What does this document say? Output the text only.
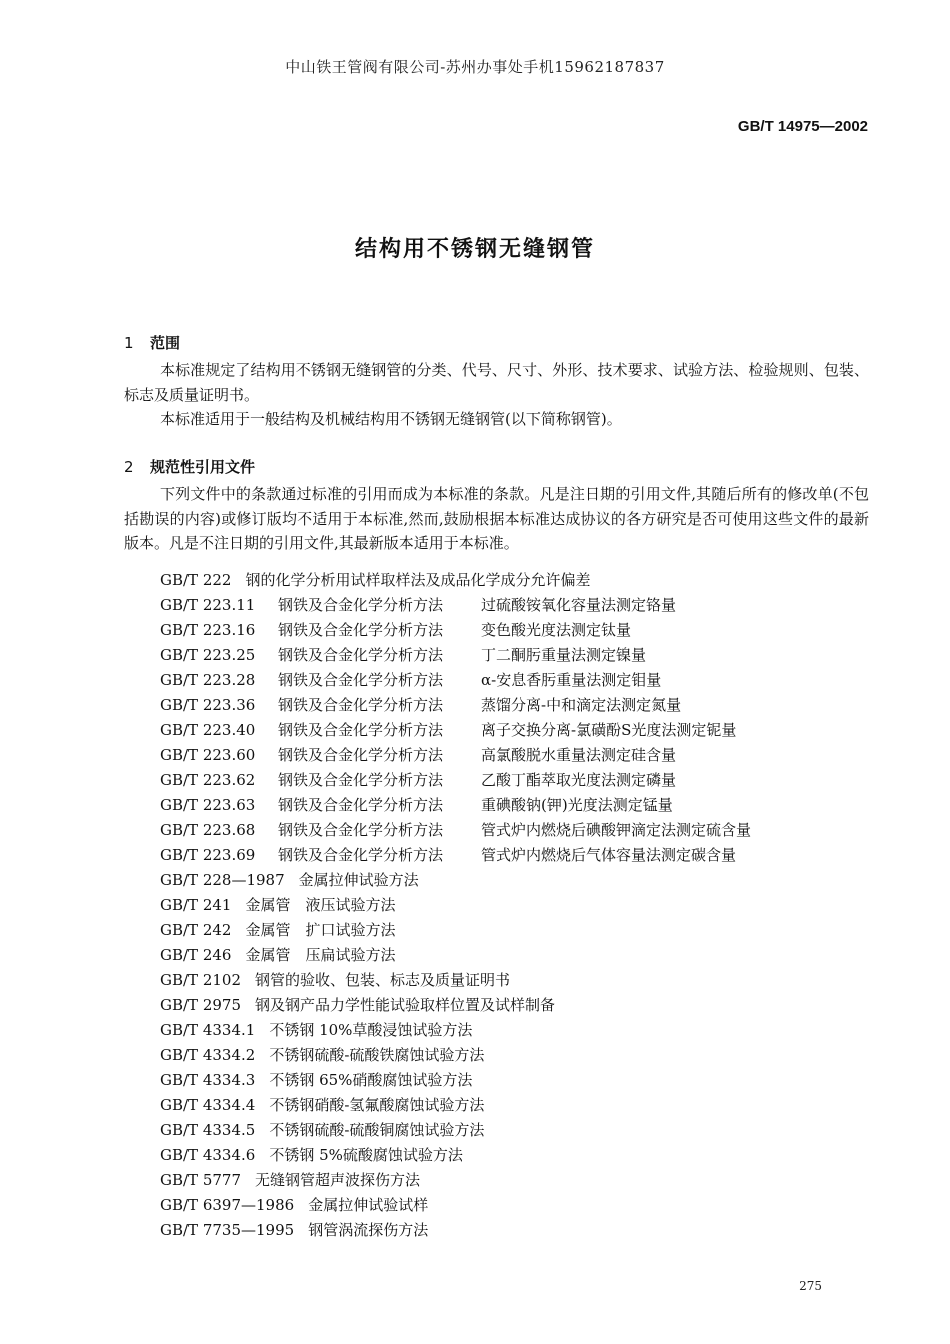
中山铁王管阀有限公司-苏州办事处手机15962187837
GB/T 14975—2002
结构用不锈钢无缝钢管
1 范围

本标准规定了结构用不锈钢无缝钢管的分类、代号、尺寸、外形、技术要求、试验方法、检验规则、包装、标志及质量证明书。

本标准适用于一般结构及机械结构用不锈钢无缝钢管(以下简称钢管)。

2 规范性引用文件

下列文件中的条款通过标准的引用而成为本标准的条款。凡是注日期的引用文件,其随后所有的修改单(不包括勘误的内容)或修订版均不适用于本标准,然而,鼓励根据本标准达成协议的各方研究是否可使用这些文件的最新版本。凡是不注日期的引用文件,其最新版本适用于本标准。

GB/T 222 钢的化学分析用试样取样法及成品化学成分允许偏差
GB/T 223.11 钢铁及合金化学分析方法	过硫酸铵氧化容量法测定铬量
GB/T 223.16 钢铁及合金化学分析方法	变色酸光度法测定钛量
GB/T 223.25 钢铁及合金化学分析方法	丁二酮肟重量法测定镍量
GB/T 223.28 钢铁及合金化学分析方法	α-安息香肟重量法测定钼量
GB/T 223.36 钢铁及合金化学分析方法	蒸馏分离-中和滴定法测定氮量
GB/T 223.40 钢铁及合金化学分析方法	离子交换分离-氯磺酚S光度法测定铌量
GB/T 223.60 钢铁及合金化学分析方法	高氯酸脱水重量法测定硅含量
GB/T 223.62 钢铁及合金化学分析方法	乙酸丁酯萃取光度法测定磷量
GB/T 223.63 钢铁及合金化学分析方法	重碘酸钠(钾)光度法测定锰量
GB/T 223.68 钢铁及合金化学分析方法	管式炉内燃烧后碘酸钾滴定法测定硫含量
GB/T 223.69 钢铁及合金化学分析方法	管式炉内燃烧后气体容量法测定碳含量
GB/T 228—1987 金属拉伸试验方法
GB/T 241 金属管　液压试验方法
GB/T 242 金属管　扩口试验方法
GB/T 246 金属管　压扁试验方法
GB/T 2102 钢管的验收、包装、标志及质量证明书
GB/T 2975 钢及钢产品力学性能试验取样位置及试样制备
GB/T 4334.1 不锈钢 10%草酸浸蚀试验方法
GB/T 4334.2 不锈钢硫酸-硫酸铁腐蚀试验方法
GB/T 4334.3 不锈钢 65%硝酸腐蚀试验方法
GB/T 4334.4 不锈钢硝酸-氢氟酸腐蚀试验方法
GB/T 4334.5 不锈钢硫酸-硫酸铜腐蚀试验方法
GB/T 4334.6 不锈钢 5%硫酸腐蚀试验方法
GB/T 5777 无缝钢管超声波探伤方法
GB/T 6397—1986 金属拉伸试验试样
GB/T 7735—1995 钢管涡流探伤方法
275
